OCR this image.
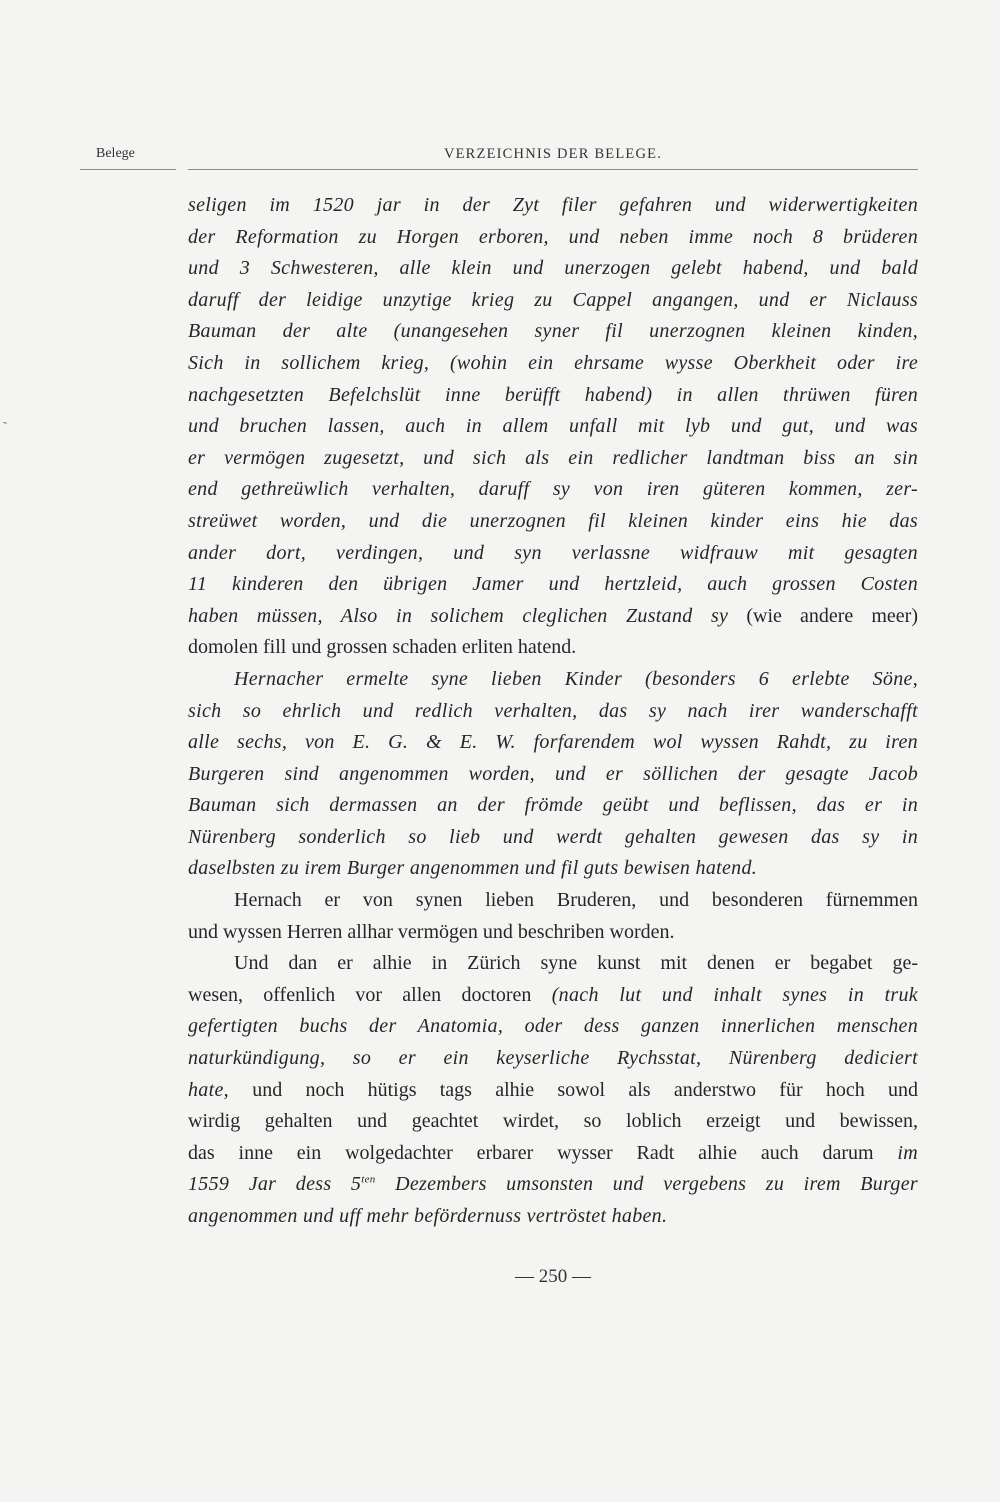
Belege	VERZEICHNIS DER BELEGE.
˜

seligen im 1520 jar in der Zyt filer gefahren und widerwertigkeiten
der Reformation zu Horgen erboren, und neben imme noch 8 brüderen
und 3 Schwesteren, alle klein und unerzogen gelebt habend, und bald
daruff der leidige unzytige krieg zu Cappel angangen, und er Niclauss
Bauman der alte (unangesehen syner fil unerzognen kleinen kinden,
Sich in sollichem krieg, (wohin ein ehrsame wysse Oberkheit oder ire
nachgesetzten Befelchslüt inne berüfft habend) in allen thrüwen füren
und bruchen lassen, auch in allem unfall mit lyb und gut, und was
er vermögen zugesetzt, und sich als ein redlicher landtman biss an sin
end gethreüwlich verhalten, daruff sy von iren güteren kommen, zer-
streüwet worden, und die unerzognen fil kleinen kinder eins hie das
ander dort, verdingen, und syn verlassne widfrauw mit gesagten
11 kinderen den übrigen Jamer und hertzleid, auch grossen Costen
haben müssen, Also in solichem cleglichen Zustand sy (wie andere meer)
domolen fill und grossen schaden erliten hatend.

Hernacher ermelte syne lieben Kinder (besonders 6 erlebte Söne,
sich so ehrlich und redlich verhalten, das sy nach irer wanderschafft
alle sechs, von E. G. & E. W. forfarendem wol wyssen Rahdt, zu iren
Burgeren sind angenommen worden, und er söllichen der gesagte Jacob
Bauman sich dermassen an der frömde geübt und beflissen, das er in
Nürenberg sonderlich so lieb und werdt gehalten gewesen das sy in
daselbsten zu irem Burger angenommen und fil guts bewisen hatend.

Hernach er von synen lieben Bruderen, und besonderen fürnemmen
und wyssen Herren allhar vermögen und beschriben worden.

Und dan er alhie in Zürich syne kunst mit denen er begabet ge-
wesen, offenlich vor allen doctoren (nach lut und inhalt synes in truk
gefertigten buchs der Anatomia, oder dess ganzen innerlichen menschen
naturkündigung, so er ein keyserliche Rychsstat, Nürenberg dediciert
hate, und noch hütigs tags alhie sowol als anderstwo für hoch und
wirdig gehalten und geachtet wirdet, so loblich erzeigt und bewissen,
das inne ein wolgedachter erbarer wysser Radt alhie auch darum im
1559 Jar dess $5^{ten}$ Dezembers umsonsten und vergebens zu irem Burger
angenommen und uff mehr befördernuss vertröstet haben.

— 250 —
